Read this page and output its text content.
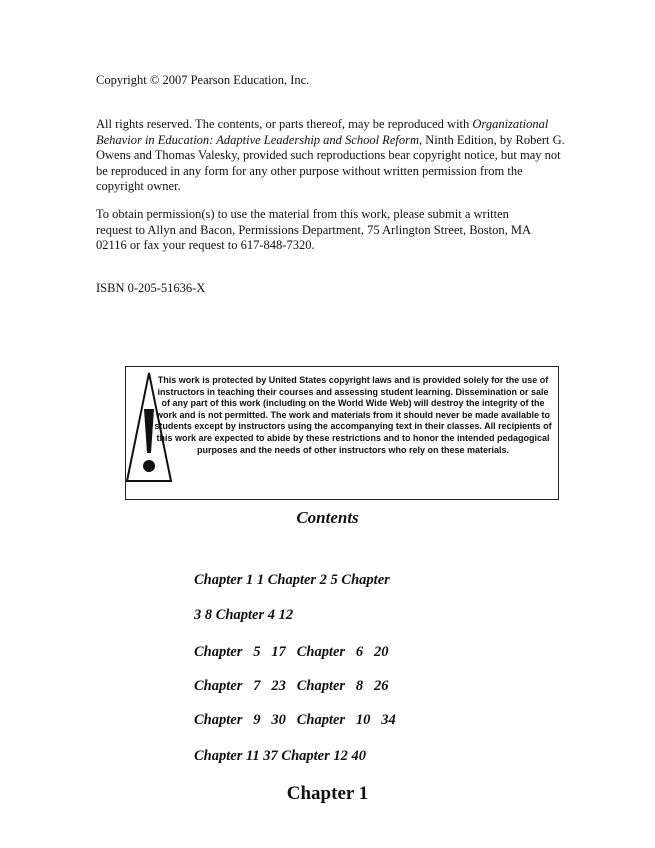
Copyright © 2007 Pearson Education, Inc.
All rights reserved. The contents, or parts thereof, may be reproduced with Organizational Behavior in Education: Adaptive Leadership and School Reform, Ninth Edition, by Robert G. Owens and Thomas Valesky, provided such reproductions bear copyright notice, but may not be reproduced in any form for any other purpose without written permission from the copyright owner.
To obtain permission(s) to use the material from this work, please submit a written request to Allyn and Bacon, Permissions Department, 75 Arlington Street, Boston, MA 02116 or fax your request to 617-848-7320.
ISBN 0-205-51636-X
This work is protected by United States copyright laws and is provided solely for the use of instructors in teaching their courses and assessing student learning. Dissemination or sale of any part of this work (including on the World Wide Web) will destroy the integrity of the work and is not permitted. The work and materials from it should never be made available to students except by instructors using the accompanying text in their classes. All recipients of this work are expected to abide by these restrictions and to honor the intended pedagogical purposes and the needs of other instructors who rely on these materials.
Contents
Chapter 1 1 Chapter 2 5 Chapter
3 8 Chapter 4 12
Chapter   5   17   Chapter   6   20
Chapter   7   23   Chapter   8   26
Chapter   9   30   Chapter   10   34
Chapter 11 37 Chapter 12 40
Chapter 1
